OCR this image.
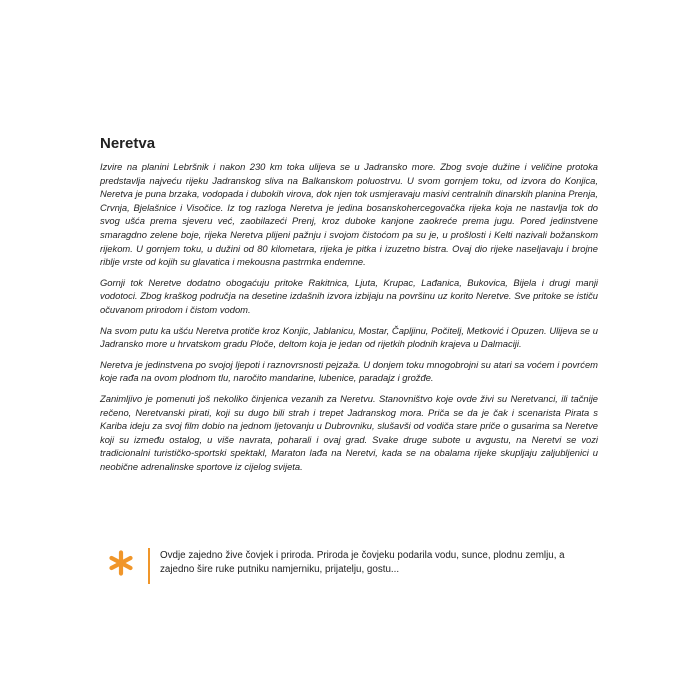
Neretva

Izvire na planini Lebršnik i nakon 230 km toka ulijeva se u Jadransko more. Zbog svoje dužine i veličine protoka predstavlja najveću rijeku Jadranskog sliva na Balkanskom poluostrvu. U svom gornjem toku, od izvora do Konjica, Neretva je puna brzaka, vodopada i dubokih virova, dok njen tok usmjeravaju masivi centralnih dinarskih planina Prenja, Crvnja, Bjelašnice i Visočice. Iz tog razloga Neretva je jedina bosanskohercegovačka rijeka koja ne nastavlja tok do svog ušća prema sjeveru već, zaobilazeći Prenj, kroz duboke kanjone zaokreće prema jugu. Pored jedinstvene smaragdno zelene boje, rijeka Neretva plijeni pažnju i svojom čistoćom pa su je, u prošlosti i Kelti nazivali božanskom rijekom. U gornjem toku, u dužini od 80 kilometara, rijeka je pitka i izuzetno bistra. Ovaj dio rijeke naseljavaju i brojne riblje vrste od kojih su glavatica i mekousna pastrmka endemne.

Gornji tok Neretve dodatno obogaćuju pritoke Rakitnica, Ljuta, Krupac, Lađanica, Bukovica, Bijela i drugi manji vodotoci. Zbog kraškog područja na desetine izdašnih izvora izbijaju na površinu uz korito Neretve. Sve pritoke se ističu očuvanom prirodom i čistom vodom.

Na svom putu ka ušću Neretva protiče kroz Konjic, Jablanicu, Mostar, Čapljinu, Počitelj, Metković i Opuzen. Ulijeva se u Jadransko more u hrvatskom gradu Ploče, deltom koja je jedan od rijetkih plodnih krajeva u Dalmaciji.

Neretva je jedinstvena po svojoj ljepoti i raznovrsnosti pejzaža. U donjem toku mnogobrojni su atari sa voćem i povrćem koje rađa na ovom plodnom tlu, naročito mandarine, lubenice, paradajz i grožđe.

Zanimljivo je pomenuti još nekoliko činjenica vezanih za Neretvu. Stanovništvo koje ovde živi su Neretvanci, ili tačnije rečeno, Neretvanski pirati, koji su dugo bili strah i trepet Jadranskog mora. Priča se da je čak i scenarista Pirata s Kariba ideju za svoj film dobio na jednom ljetovanju u Dubrovniku, slušavši od vodiča stare priče o gusarima sa Neretve koji su između ostalog, u više navrata, poharali i ovaj grad. Svake druge subote u avgustu, na Neretvi se vozi tradicionalni turističko-sportski spektakl, Maraton lađa na Neretvi, kada se na obalama rijeke skupljaju zaljubljenici u neobične adrenalinske sportove iz cijelog svijeta.

Ovdje zajedno žive čovjek i priroda. Priroda je čovjeku podarila vodu, sunce, plodnu zemlju, a zajedno šire ruke putniku namjerniku, prijatelju, gostu...
